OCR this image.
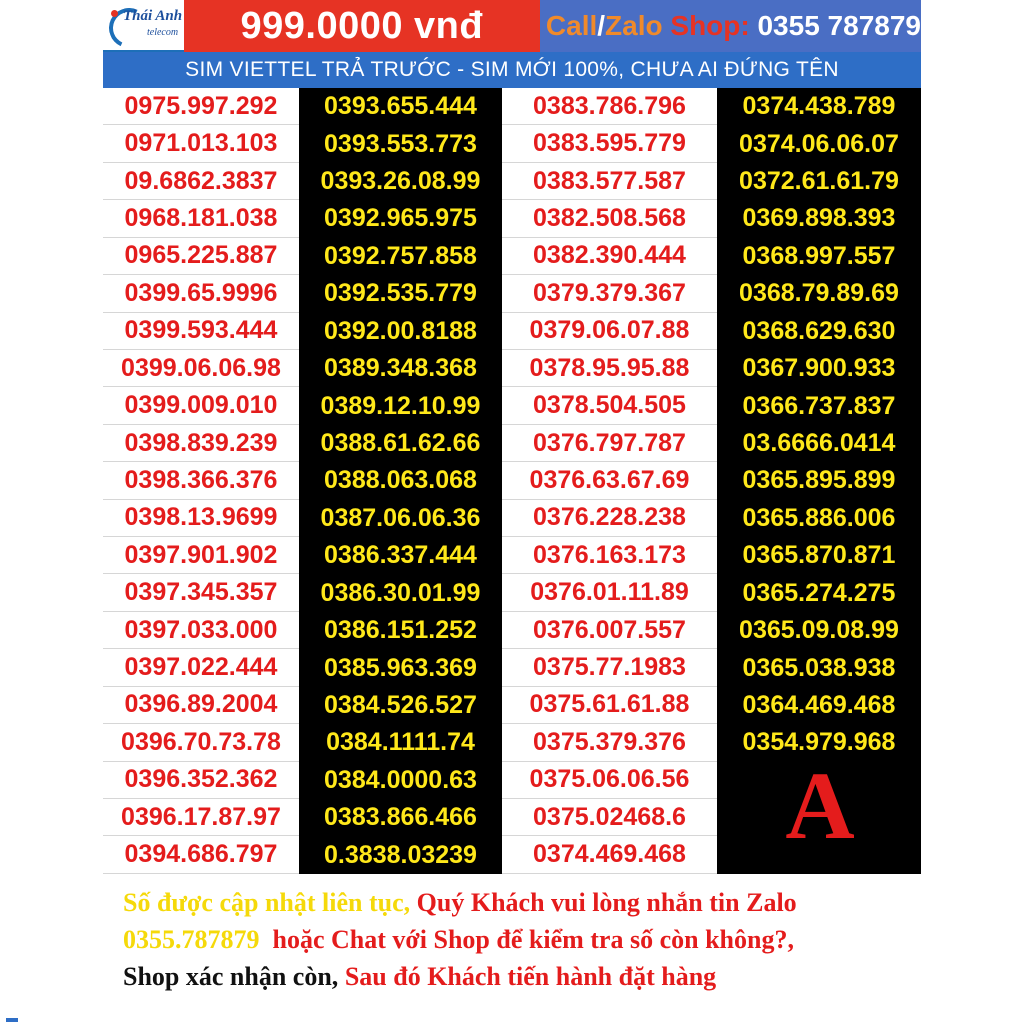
Thái Anh
telecom	999.0000 vnđ	Call / Zalo
Shop:
0355 787879
SIM VIETTEL TRẢ TRƯỚC - SIM MỚI 100%, CHƯA AI ĐỨNG TÊN
0975.997.292
0971.013.103
09.6862.3837
0968.181.038
0965.225.887
0399.65.9996
0399.593.444
0399.06.06.98
0399.009.010
0398.839.239
0398.366.376
0398.13.9699
0397.901.902
0397.345.357
0397.033.000
0397.022.444
0396.89.2004
0396.70.73.78
0396.352.362
0396.17.87.97
0394.686.797
0393.655.444
0393.553.773
0393.26.08.99
0392.965.975
0392.757.858
0392.535.779
0392.00.8188
0389.348.368
0389.12.10.99
0388.61.62.66
0388.063.068
0387.06.06.36
0386.337.444
0386.30.01.99
0386.151.252
0385.963.369
0384.526.527
0384.1111.74
0384.0000.63
0383.866.466
0.3838.03239
0383.786.796
0383.595.779
0383.577.587
0382.508.568
0382.390.444
0379.379.367
0379.06.07.88
0378.95.95.88
0378.504.505
0376.797.787
0376.63.67.69
0376.228.238
0376.163.173
0376.01.11.89
0376.007.557
0375.77.1983
0375.61.61.88
0375.379.376
0375.06.06.56
0375.02468.6
0374.469.468
0374.438.789
0374.06.06.07
0372.61.61.79
0369.898.393
0368.997.557
0368.79.89.69
0368.629.630
0367.900.933
0366.737.837
03.6666.0414
0365.895.899
0365.886.006
0365.870.871
0365.274.275
0365.09.08.99
0365.038.938
0364.469.468
0354.979.968
A
Số được cập nhật liên tục, Quý Khách vui lòng nhắn tin Zalo
0355.787879  hoặc Chat với Shop để kiểm tra số còn không?,
Shop xác nhận còn, Sau đó Khách tiến hành đặt hàng
